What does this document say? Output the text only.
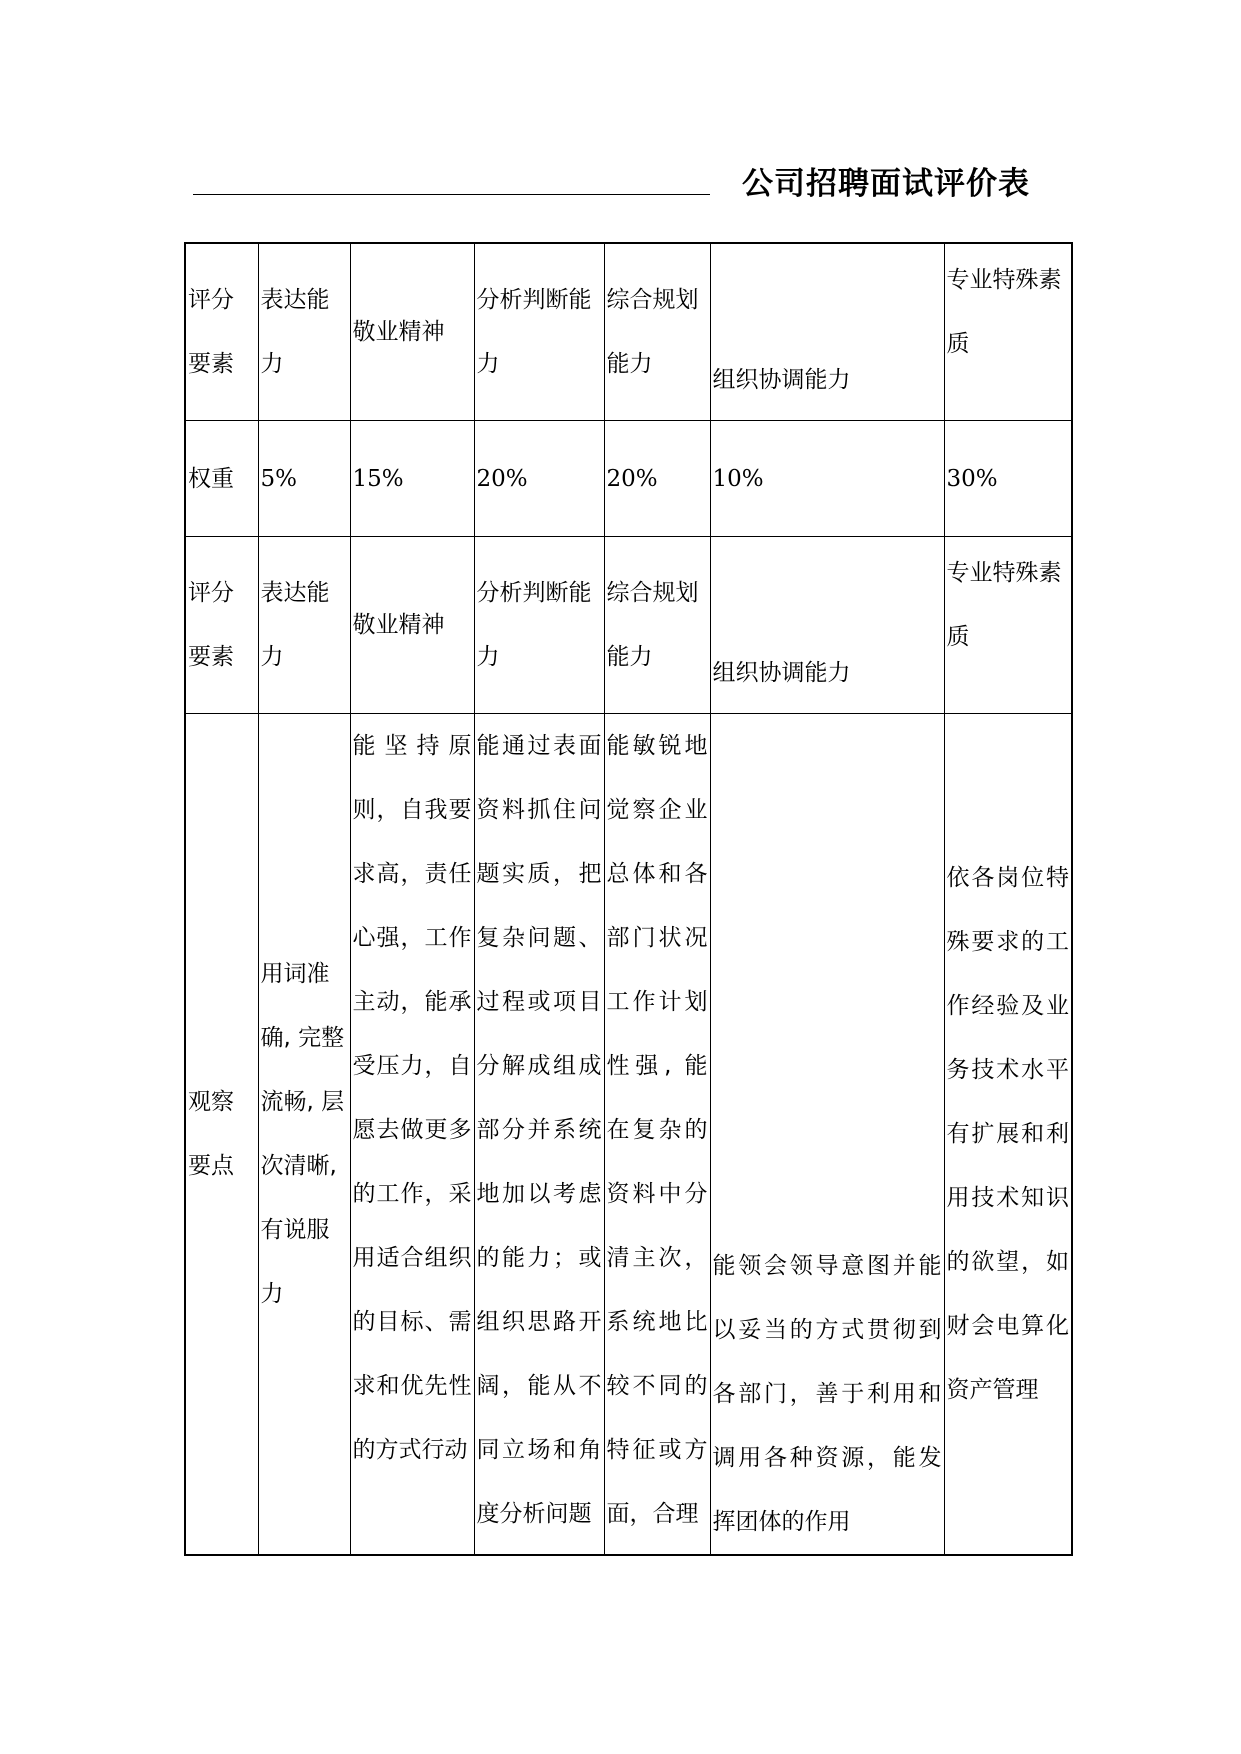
公司招聘面试评价表
评分要素	表达能力	敬业精神	分析判断能力	综合规划能力	组织协调能力	专业特殊素质
权重	5%	15%	20%	20%	10%	30%
评分要素	表达能力	敬业精神	分析判断能力	综合规划能力	组织协调能力	专业特殊素质
观察要点	用词准确, 完整流畅, 层次清晰, 有说服力	能坚持原则，自我要求高，责任心强，工作主动，能承受压力，自愿去做更多的工作，采用适合组织的目标、需求和优先性的方式行动	能通过表面资料抓住问题实质，把复杂问题、过程或项目分解成组成部分并系统地加以考虑的能力；或组织思路开阔，能从不同立场和角度分析问题	能敏锐地觉察企业总体和各部门状况工作计划性强, 能在复杂的资料中分清主次，系统地比较不同的特征或方面，合理	能领会领导意图并能以妥当的方式贯彻到各部门，善于利用和调用各种资源，能发挥团体的作用	依各岗位特殊要求的工作经验及业务技术水平有扩展和利用技术知识的欲望，如财会电算化资产管理
